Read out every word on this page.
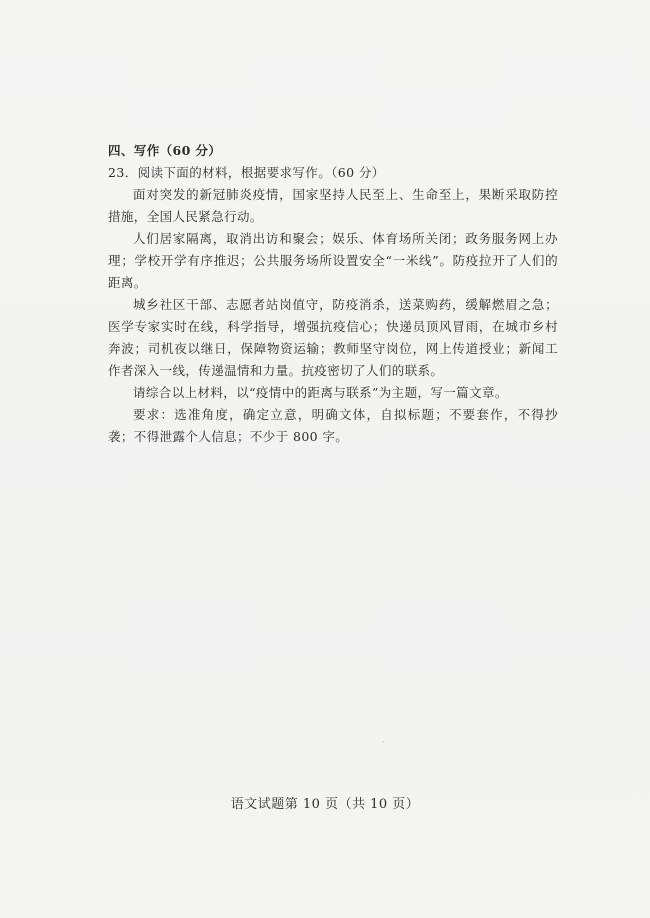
四、写作（60 分）

23．阅读下面的材料，根据要求写作。（60 分）

面对突发的新冠肺炎疫情，国家坚持人民至上、生命至上，果断采取防控措施，全国人民紧急行动。

人们居家隔离，取消出访和聚会；娱乐、体育场所关闭；政务服务网上办理；学校开学有序推迟；公共服务场所设置安全“一米线”。防疫拉开了人们的距离。

城乡社区干部、志愿者站岗值守，防疫消杀，送菜购药，缓解燃眉之急；医学专家实时在线，科学指导，增强抗疫信心；快递员顶风冒雨，在城市乡村奔波；司机夜以继日，保障物资运输；教师坚守岗位，网上传道授业；新闻工作者深入一线，传递温情和力量。抗疫密切了人们的联系。

请综合以上材料，以“疫情中的距离与联系”为主题，写一篇文章。

要求：选准角度，确定立意，明确文体，自拟标题；不要套作，不得抄袭；不得泄露个人信息；不少于 800 字。

语文试题第 10 页（共 10 页）
